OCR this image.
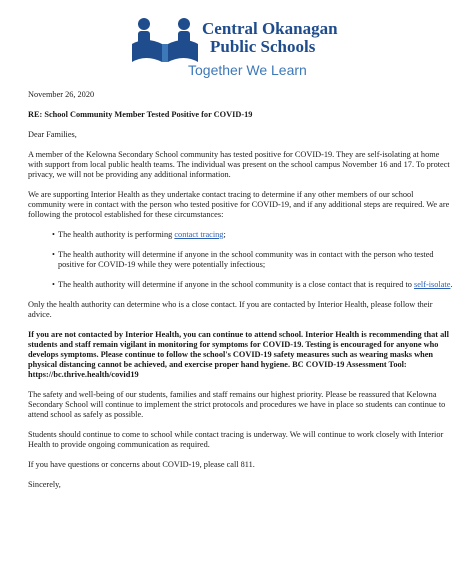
Central Okanagan
Public Schools
Together We Learn

November 26, 2020

RE: School Community Member Tested Positive for COVID-19

Dear Families,

A member of the Kelowna Secondary School community has tested positive for COVID-19. They are self-isolating at home with support from local public health teams. The individual was present on the school campus November 16 and 17. To protect privacy, we will not be providing any additional information.

We are supporting Interior Health as they undertake contact tracing to determine if any other members of our school community were in contact with the person who tested positive for COVID-19, and if any additional steps are required. We are following the protocol established for these circumstances:

• The health authority is performing contact tracing;
• The health authority will determine if anyone in the school community was in contact with the person who tested positive for COVID-19 while they were potentially infectious;
• The health authority will determine if anyone in the school community is a close contact that is required to self-isolate.

Only the health authority can determine who is a close contact. If you are contacted by Interior Health, please follow their advice.

If you are not contacted by Interior Health, you can continue to attend school. Interior Health is recommending that all students and staff remain vigilant in monitoring for symptoms for COVID-19. Testing is encouraged for anyone who develops symptoms. Please continue to follow the school's COVID-19 safety measures such as wearing masks when physical distancing cannot be achieved, and exercise proper hand hygiene. BC COVID-19 Assessment Tool: https://bc.thrive.health/covid19

The safety and well-being of our students, families and staff remains our highest priority. Please be reassured that Kelowna Secondary School will continue to implement the strict protocols and procedures we have in place so students can continue to attend school as safely as possible.

Students should continue to come to school while contact tracing is underway. We will continue to work closely with Interior Health to provide ongoing communication as required.

If you have questions or concerns about COVID-19, please call 811.

Sincerely,
